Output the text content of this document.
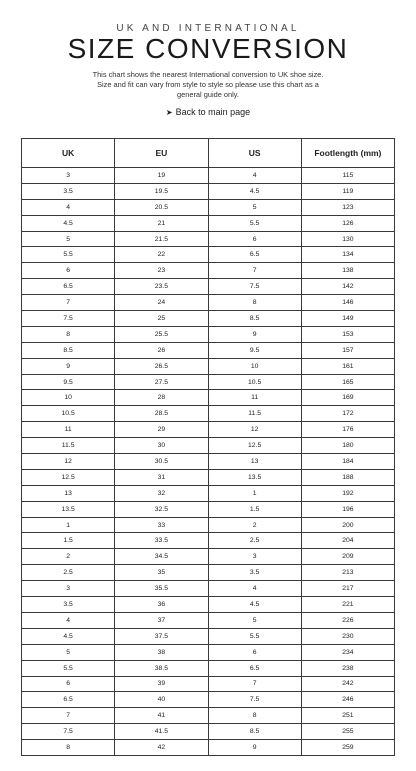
UK AND INTERNATIONAL
SIZE CONVERSION

This chart shows the nearest International conversion to UK shoe size. Size and fit can vary from style to style so please use this chart as a general guide only.

➤ Back to main page
UK	EU	US	Footlength (mm)
3	19	4	115
3.5	19.5	4.5	119
4	20.5	5	123
4.5	21	5.5	126
5	21.5	6	130
5.5	22	6.5	134
6	23	7	138
6.5	23.5	7.5	142
7	24	8	146
7.5	25	8.5	149
8	25.5	9	153
8.5	26	9.5	157
9	26.5	10	161
9.5	27.5	10.5	165
10	28	11	169
10.5	28.5	11.5	172
11	29	12	176
11.5	30	12.5	180
12	30.5	13	184
12.5	31	13.5	188
13	32	1	192
13.5	32.5	1.5	196
1	33	2	200
1.5	33.5	2.5	204
2	34.5	3	209
2.5	35	3.5	213
3	35.5	4	217
3.5	36	4.5	221
4	37	5	226
4.5	37.5	5.5	230
5	38	6	234
5.5	38.5	6.5	238
6	39	7	242
6.5	40	7.5	246
7	41	8	251
7.5	41.5	8.5	255
8	42	9	259
